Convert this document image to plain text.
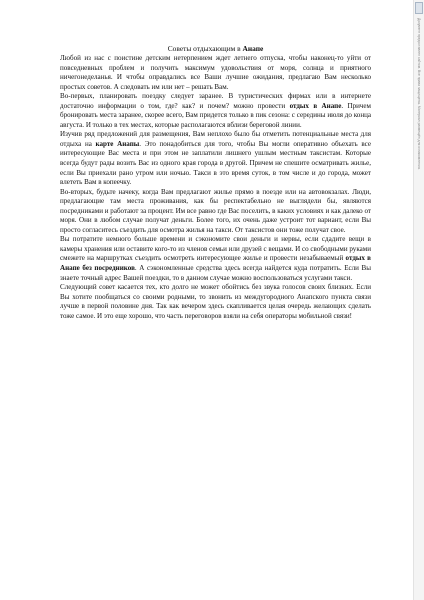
Советы отдыхающим в Анапе

Любой из нас с поистине детским нетерпением ждет летнего отпуска, чтобы наконец-то уйти от повседневных проблем и получить максимум удовольствия от моря, солнца и приятного ничегонеделанья. И чтобы оправдались все Ваши лучшие ожидания, предлагаю Вам несколько простых советов. А следовать им или нет – решать Вам.

Во-первых, планировать поездку следует заранее. В туристических фирмах или в интернете достаточно информации о том, где? как? и почем? можно провести отдых в Анапе. Причем бронировать места заранее, скорее всего, Вам придется только в пик сезона: с середины июля до конца августа. И только в тех местах, которые располагаются вблизи береговой линии.

Изучив ряд предложений для размещения, Вам неплохо было бы отметить потенциальные места для отдыха на карте Анапы. Это понадобиться для того, чтобы Вы могли оперативно объехать все интересующие Вас места и при этом не заплатили лишнего ушлым местным таксистам. Которые всегда будут рады возить Вас из одного края города в другой. Причем не спешите осматривать жилье, если Вы приехали рано утром или ночью. Такси в это время суток, в том числе и до города, может влететь Вам в копеечку.

Во-вторых, будьте начеку, когда Вам предлагают жилье прямо в поезде или на автовокзалах. Люди, предлагающие там места проживания, как бы респектабельно не выглядели бы, являются посредниками и работают за процент. Им все равно где Вас поселить, в каких условиях и как далеко от моря. Они в любом случае получат деньги. Более того, их очень даже устроит тот вариант, если Вы просто согласитесь съездить для осмотра жилья на такси. От таксистов они тоже получат свое.

Вы потратите немного больше времени и сэкономите свои деньги и нервы, если сдадите вещи в камеры хранения или оставите кого-то из членов семьи или друзей с вещами. И со свободными руками смежете на маршрутках съездить осмотреть интересующее жилье и провести незабываемый отдых в Анапе без посредников. А сэкономленные средства здесь всегда найдется куда потратить. Если Вы знаете точный адрес Вашей поездки, то в данном случае можно воспользоваться услугами такси.

Следующий совет касается тех, кто долго не может обойтись без звука голосов своих близких. Если Вы хотите пообщаться со своими родными, то звонить из междугородного Анапского пункта связи лучше в первой половине дня. Так как вечером здесь скапливается целая очередь желающих сделать тоже самое. И это еще хорошо, что часть переговоров взяли на себя операторы мобильной связи!

Документ предоставлен сайтом. Все права защищены. Материал размещён для ознакомления.
